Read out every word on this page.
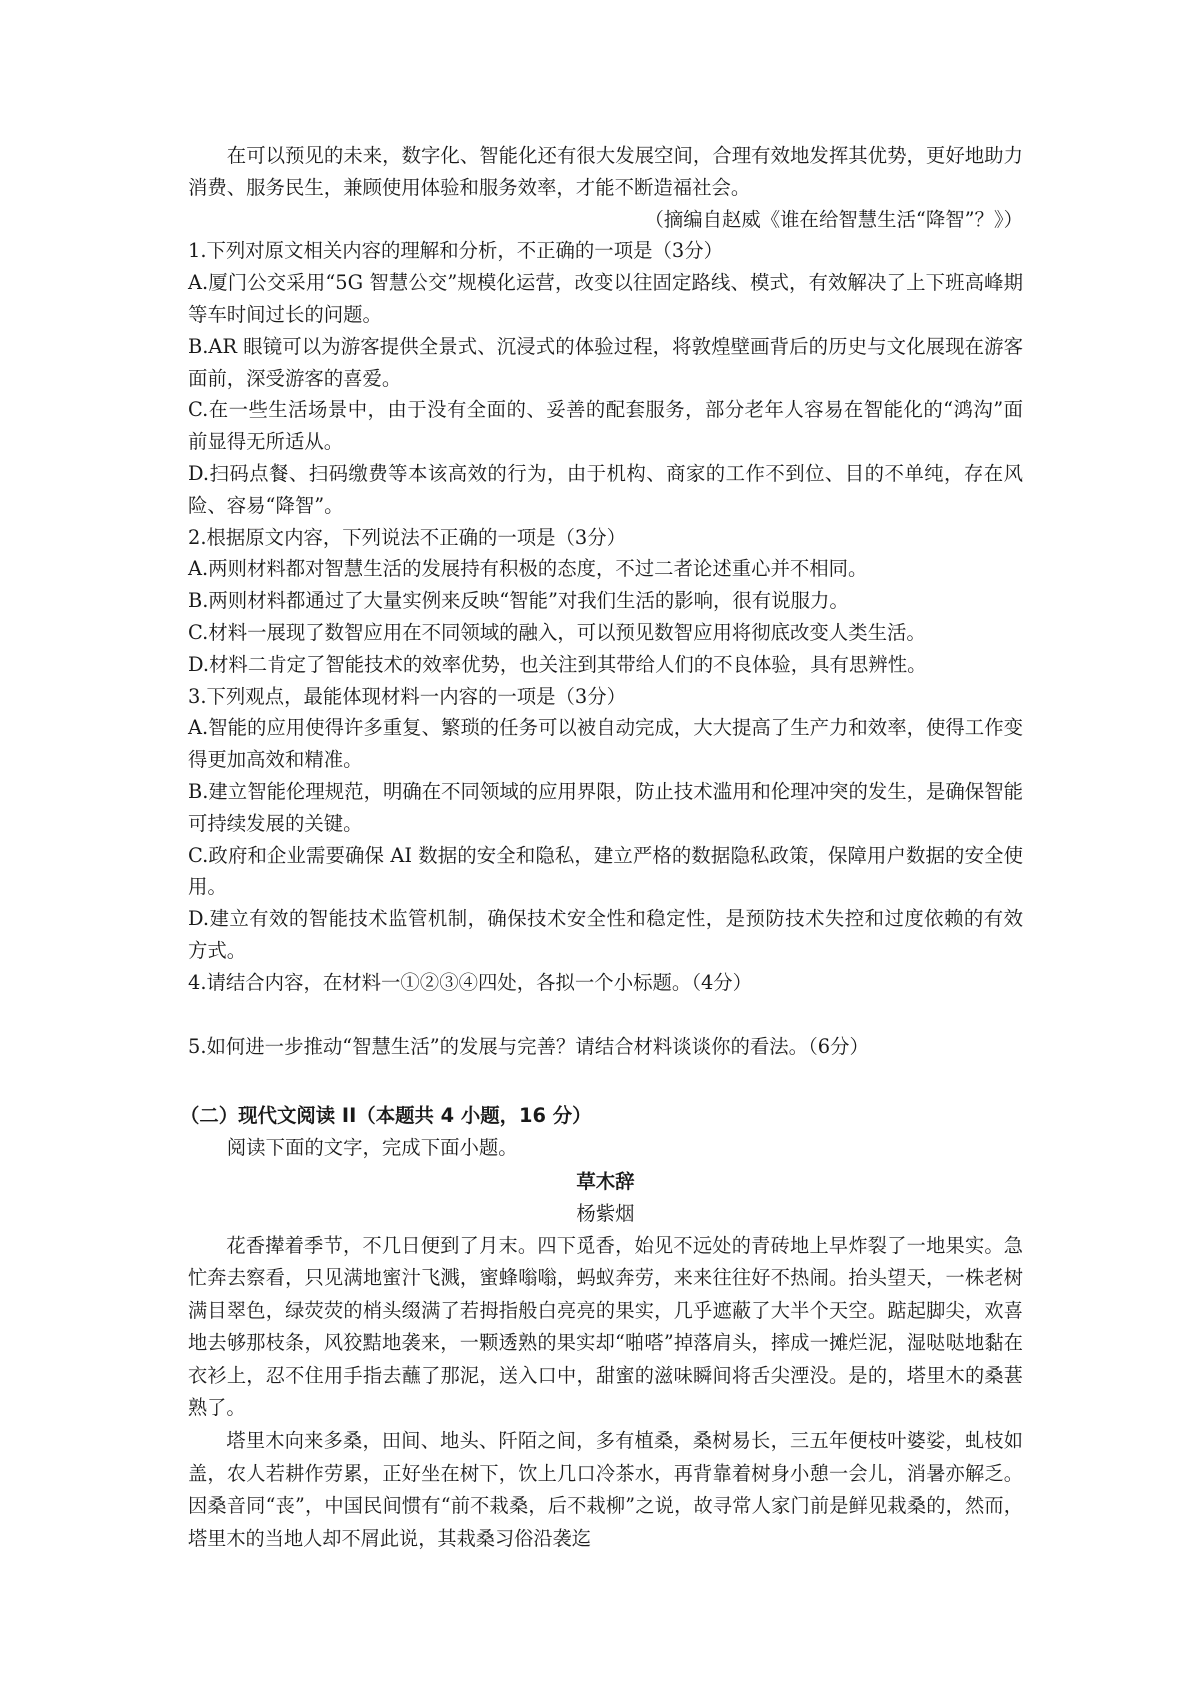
在可以预见的未来，数字化、智能化还有很大发展空间，合理有效地发挥其优势，更好地助力消费、服务民生，兼顾使用体验和服务效率，才能不断造福社会。

（摘编自赵威《谁在给智慧生活“降智”？》）

1.下列对原文相关内容的理解和分析，不正确的一项是（3分）

A.厦门公交采用“5G 智慧公交”规模化运营，改变以往固定路线、模式，有效解决了上下班高峰期等车时间过长的问题。

B.AR 眼镜可以为游客提供全景式、沉浸式的体验过程，将敦煌壁画背后的历史与文化展现在游客面前，深受游客的喜爱。

C.在一些生活场景中，由于没有全面的、妥善的配套服务，部分老年人容易在智能化的“鸿沟”面前显得无所适从。

D.扫码点餐、扫码缴费等本该高效的行为，由于机构、商家的工作不到位、目的不单纯，存在风险、容易“降智”。

2.根据原文内容，下列说法不正确的一项是（3分）

A.两则材料都对智慧生活的发展持有积极的态度，不过二者论述重心并不相同。

B.两则材料都通过了大量实例来反映“智能”对我们生活的影响，很有说服力。

C.材料一展现了数智应用在不同领域的融入，可以预见数智应用将彻底改变人类生活。

D.材料二肯定了智能技术的效率优势，也关注到其带给人们的不良体验，具有思辨性。

3.下列观点，最能体现材料一内容的一项是（3分）

A.智能的应用使得许多重复、繁琐的任务可以被自动完成，大大提高了生产力和效率，使得工作变得更加高效和精准。

B.建立智能伦理规范，明确在不同领域的应用界限，防止技术滥用和伦理冲突的发生，是确保智能可持续发展的关键。

C.政府和企业需要确保 AI 数据的安全和隐私，建立严格的数据隐私政策，保障用户数据的安全使用。

D.建立有效的智能技术监管机制，确保技术安全性和稳定性，是预防技术失控和过度依赖的有效方式。

4.请结合内容，在材料一①②③④四处，各拟一个小标题。（4分）

5.如何进一步推动“智慧生活”的发展与完善？请结合材料谈谈你的看法。（6分）

（二）现代文阅读 II（本题共 4 小题，16 分）

阅读下面的文字，完成下面小题。

草木辞

杨紫烟

花香撵着季节，不几日便到了月末。四下觅香，始见不远处的青砖地上早炸裂了一地果实。急忙奔去察看，只见满地蜜汁飞溅，蜜蜂嗡嗡，蚂蚁奔劳，来来往往好不热闹。抬头望天，一株老树满目翠色，绿荧荧的梢头缀满了若拇指般白亮亮的果实，几乎遮蔽了大半个天空。踮起脚尖，欢喜地去够那枝条，风狡黠地袭来，一颗透熟的果实却“啪嗒”掉落肩头，摔成一摊烂泥，湿哒哒地黏在衣衫上，忍不住用手指去蘸了那泥，送入口中，甜蜜的滋味瞬间将舌尖湮没。是的，塔里木的桑葚熟了。

塔里木向来多桑，田间、地头、阡陌之间，多有植桑，桑树易长，三五年便枝叶婆娑，虬枝如盖，农人若耕作劳累，正好坐在树下，饮上几口冷茶水，再背靠着树身小憩一会儿，消暑亦解乏。因桑音同“丧”，中国民间惯有“前不栽桑，后不栽柳”之说，故寻常人家门前是鲜见栽桑的，然而，塔里木的当地人却不屑此说，其栽桑习俗沿袭迄
